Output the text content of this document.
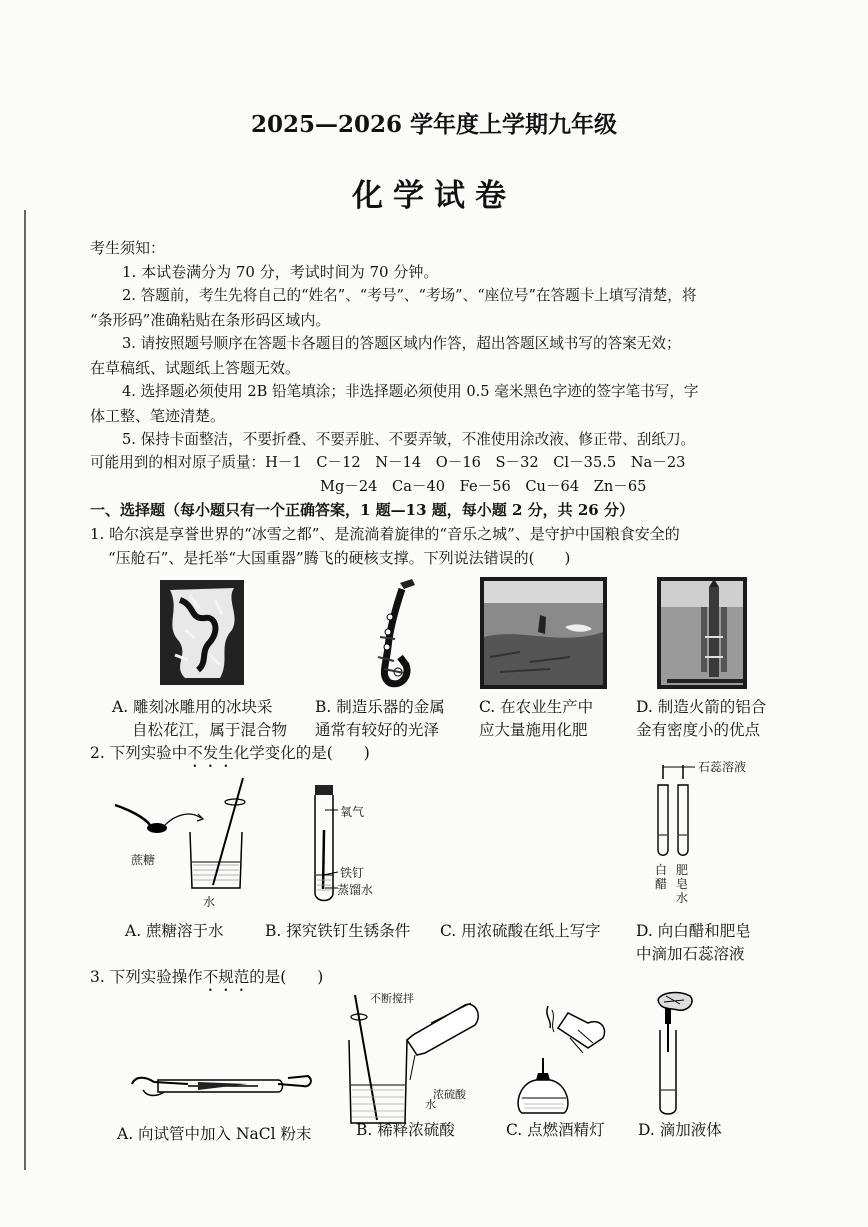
2025—2026 学年度上学期九年级
化学试卷
考生须知：
1. 本试卷满分为 70 分，考试时间为 70 分钟。
2. 答题前，考生先将自己的“姓名”、“考号”、“考场”、“座位号”在答题卡上填写清楚，将
“条形码”准确粘贴在条形码区域内。
3. 请按照题号顺序在答题卡各题目的答题区域内作答，超出答题区域书写的答案无效；
在草稿纸、试题纸上答题无效。
4. 选择题必须使用 2B 铅笔填涂；非选择题必须使用 0.5 毫米黑色字迹的签字笔书写，字
体工整、笔迹清楚。
5. 保持卡面整洁，不要折叠、不要弄脏、不要弄皱，不准使用涂改液、修正带、刮纸刀。
可能用到的相对原子质量：H－1　C－12　N－14　O－16　S－32　Cl－35.5　Na－23
Mg－24　Ca－40　Fe－56　Cu－64　Zn－65
一、选择题（每小题只有一个正确答案，1 题—13 题，每小题 2 分，共 26 分）
1. 哈尔滨是享誉世界的“冰雪之都”、是流淌着旋律的“音乐之城”、是守护中国粮食安全的
“压舱石”、是托举“大国重器”腾飞的硬核支撑。下列说法错误的(　　)
A. 雕刻冰雕用的冰块采
自松花江，属于混合物
B. 制造乐器的金属
通常有较好的光泽
C. 在农业生产中
应大量施用化肥
D. 制造火箭的铝合
金有密度小的优点
2. 下列实验中不发生化学变化的是(　　)
蔗糖
水
氧气
铁钉
蒸馏水
石蕊溶液
白醋
肥皂水
A. 蔗糖溶于水	B. 探究铁钉生锈条件 C. 用浓硫酸在纸上写字 D. 向白醋和肥皂
中滴加石蕊溶液
3. 下列实验操作不规范的是(　　)
不断搅拌
浓硫酸
水
A. 向试管中加入 NaCl 粉末	B. 稀释浓硫酸	C. 点燃酒精灯 D. 滴加液体
